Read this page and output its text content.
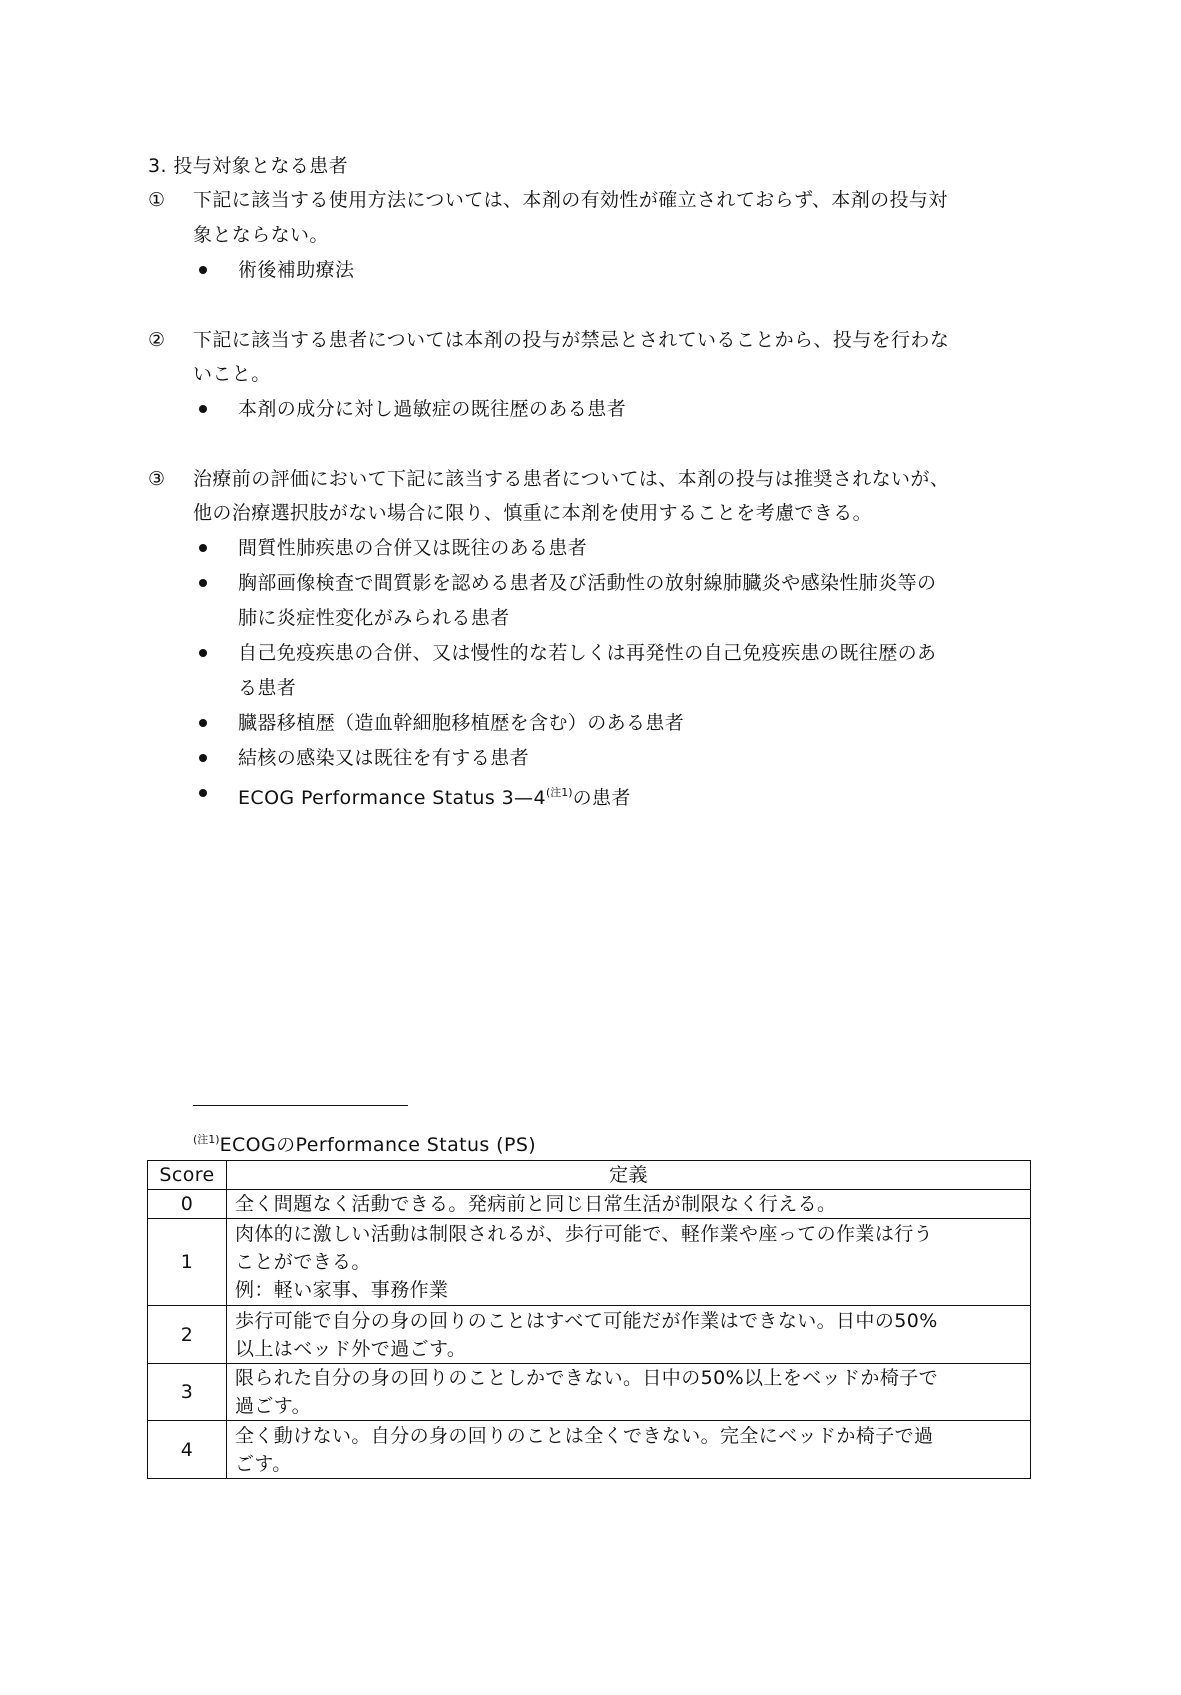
3. 投与対象となる患者
① 下記に該当する使用方法については、本剤の有効性が確立されておらず、本剤の投与対
象とならない。
術後補助療法
② 下記に該当する患者については本剤の投与が禁忌とされていることから、投与を行わな
いこと。
本剤の成分に対し過敏症の既往歴のある患者
③ 治療前の評価において下記に該当する患者については、本剤の投与は推奨されないが、
他の治療選択肢がない場合に限り、慎重に本剤を使用することを考慮できる。
間質性肺疾患の合併又は既往のある患者
胸部画像検査で間質影を認める患者及び活動性の放射線肺臓炎や感染性肺炎等の
肺に炎症性変化がみられる患者
自己免疫疾患の合併、又は慢性的な若しくは再発性の自己免疫疾患の既往歴のあ
る患者
臓器移植歴（造血幹細胞移植歴を含む）のある患者
結核の感染又は既往を有する患者
ECOG Performance Status $3—4^{(注1)}$の患者
$^{(注1)}$ECOGのPerformance Status (PS)
Score	定義
0	全く問題なく活動できる。発病前と同じ日常生活が制限なく行える。

1	肉体的に激しい活動は制限されるが、歩行可能で、軽作業や座っての作業は行う
ことができる。
例：軽い家事、事務作業

2	歩行可能で自分の身の回りのことはすべて可能だが作業はできない。日中の50%
以上はベッド外で過ごす。

3	限られた自分の身の回りのことしかできない。日中の50%以上をベッドか椅子で
過ごす。

4	全く動けない。自分の身の回りのことは全くできない。完全にベッドか椅子で過
ごす。
